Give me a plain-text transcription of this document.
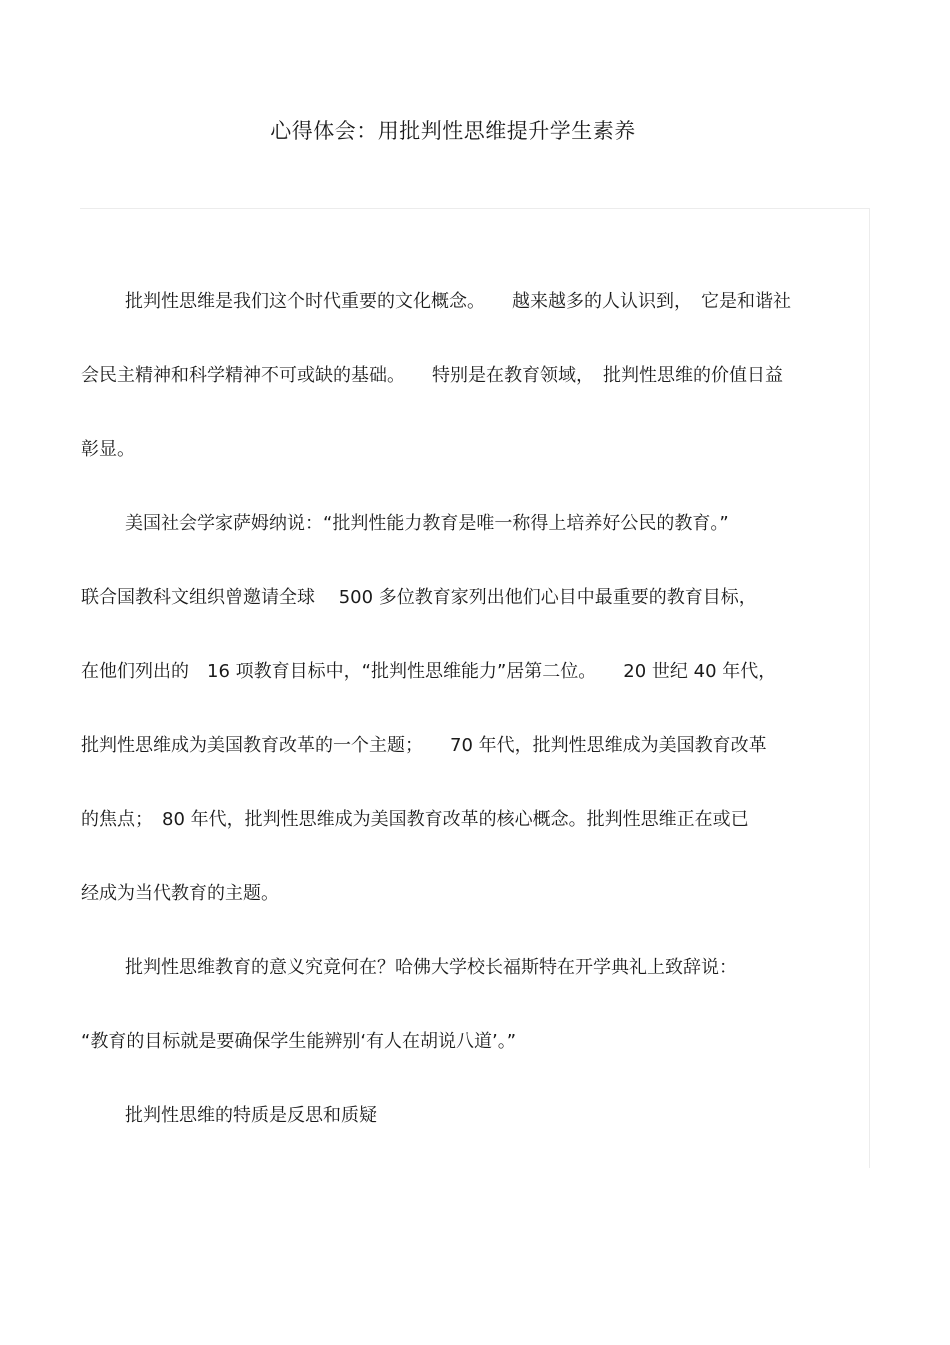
心得体会：用批判性思维提升学生素养
批判性思维是我们这个时代重要的文化概念。　　越来越多的人认识到，　它是和谐社
会民主精神和科学精神不可或缺的基础。　　特别是在教育领域，　批判性思维的价值日益
彰显。
美国社会学家萨姆纳说：“批判性能力教育是唯一称得上培养好公民的教育。”
联合国教科文组织曾邀请全球　 500 多位教育家列出他们心目中最重要的教育目标，
在他们列出的　16 项教育目标中，“批判性思维能力”居第二位。　　20 世纪 40 年代，
批判性思维成为美国教育改革的一个主题；　　70 年代，批判性思维成为美国教育改革
的焦点；　80 年代，批判性思维成为美国教育改革的核心概念。批判性思维正在或已
经成为当代教育的主题。
批判性思维教育的意义究竟何在？哈佛大学校长福斯特在开学典礼上致辞说：
“教育的目标就是要确保学生能辨别‘有人在胡说八道’。”
批判性思维的特质是反思和质疑
